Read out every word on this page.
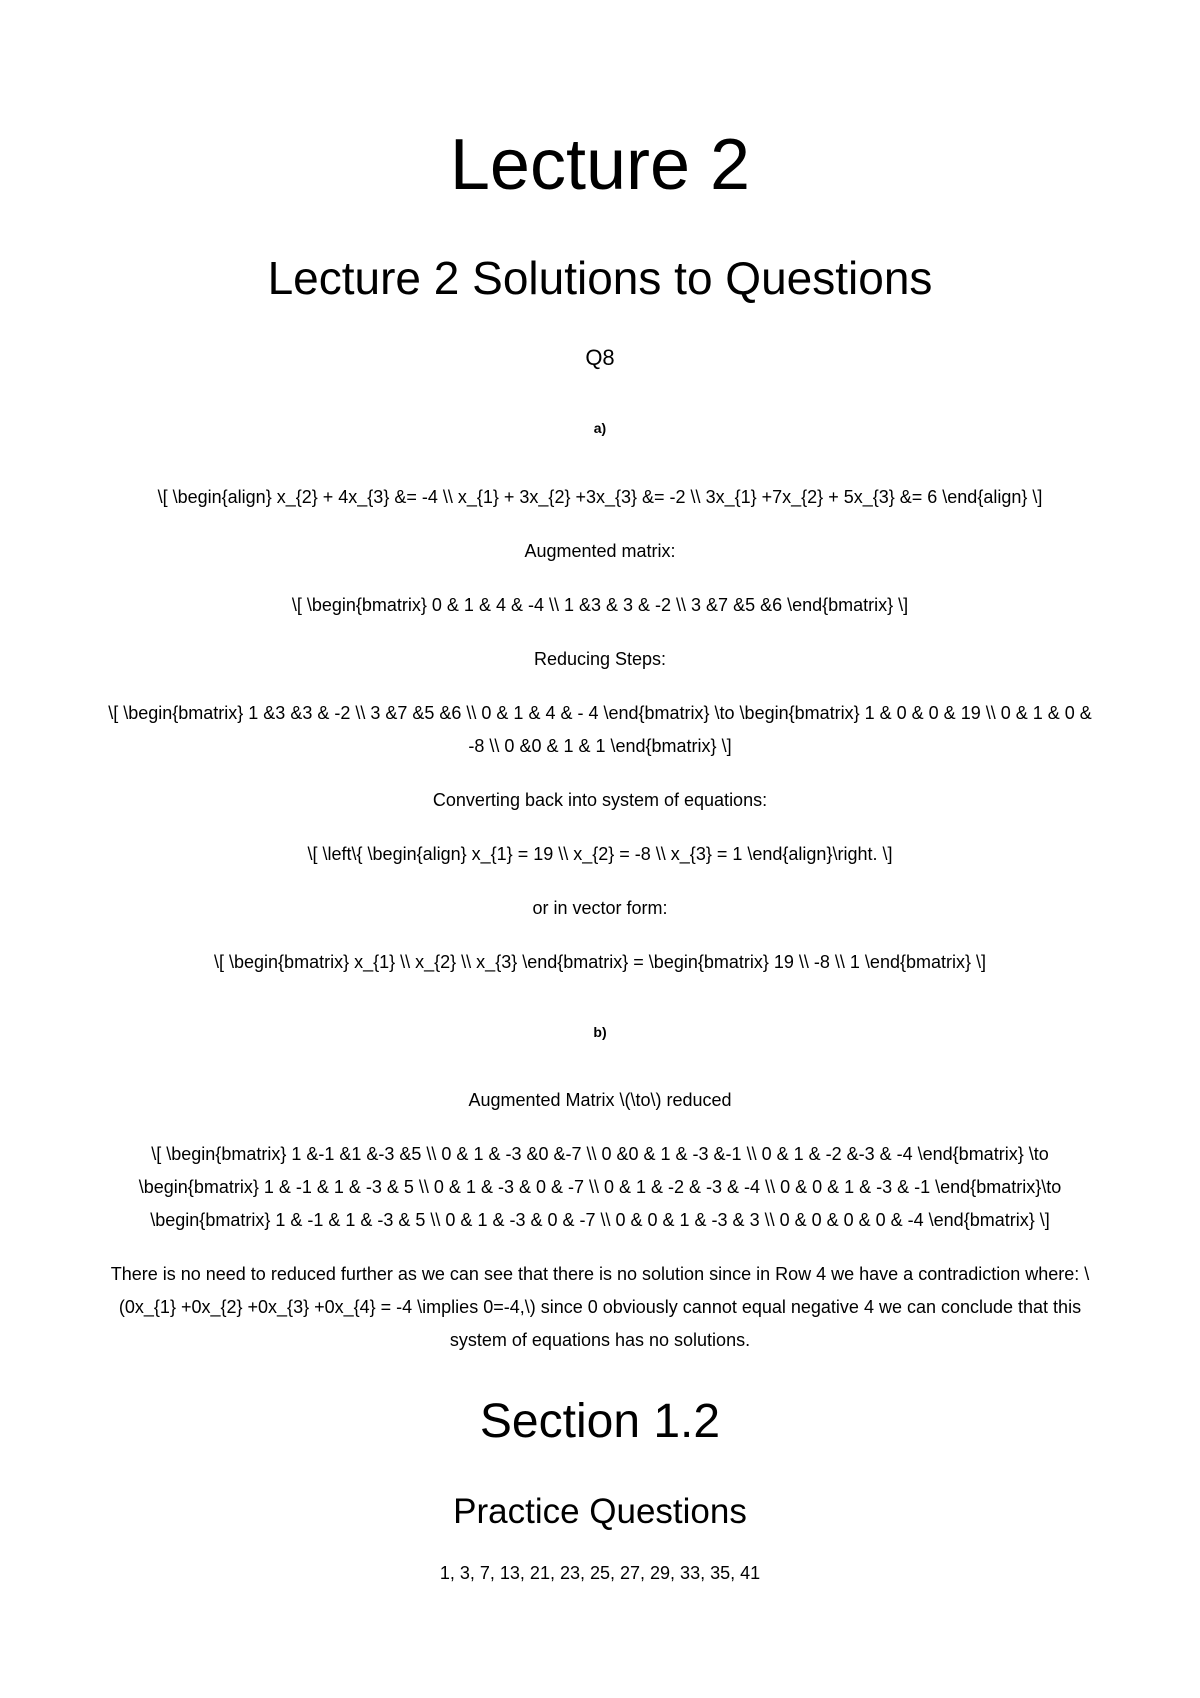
Lecture 2
Lecture 2 Solutions to Questions
Q8
a)

\[ \begin{align} x_{2} + 4x_{3} &= -4 \\ x_{1} + 3x_{2} +3x_{3} &= -2 \\ 3x_{1} +7x_{2} + 5x_{3} &= 6 \end{align} \]

Augmented matrix:

\[ \begin{bmatrix} 0 & 1 & 4 & -4 \\ 1 &3 & 3 & -2 \\ 3 &7 &5 &6 \end{bmatrix} \]

Reducing Steps:

\[ \begin{bmatrix} 1 &3 &3 & -2 \\ 3 &7 &5 &6 \\ 0 & 1 & 4 & - 4 \end{bmatrix} \to \begin{bmatrix} 1 & 0 & 0 & 19 \\ 0 & 1 & 0 & -8 \\ 0 &0 & 1 & 1 \end{bmatrix} \]

Converting back into system of equations:

\[ \left\{ \begin{align} x_{1} = 19 \\ x_{2} = -8 \\ x_{3} = 1 \end{align}\right. \]

or in vector form:

\[ \begin{bmatrix} x_{1} \\ x_{2} \\ x_{3} \end{bmatrix} = \begin{bmatrix} 19 \\ -8 \\ 1 \end{bmatrix} \]

b)

Augmented Matrix \(\to\) reduced

\[ \begin{bmatrix} 1 &-1 &1 &-3 &5 \\ 0 & 1 & -3 &0 &-7 \\ 0 &0 & 1 & -3 &-1 \\ 0 & 1 & -2 &-3 & -4 \end{bmatrix} \to \begin{bmatrix} 1 & -1 & 1 & -3 & 5 \\ 0 & 1 & -3 & 0 & -7 \\ 0 & 1 & -2 & -3 & -4 \\ 0 & 0 & 1 & -3 & -1 \end{bmatrix}\to \begin{bmatrix} 1 & -1 & 1 & -3 & 5 \\ 0 & 1 & -3 & 0 & -7 \\ 0 & 0 & 1 & -3 & 3 \\ 0 & 0 & 0 & 0 & -4 \end{bmatrix} \]

There is no need to reduced further as we can see that there is no solution since in Row 4 we have a contradiction where: \(0x_{1} +0x_{2} +0x_{3} +0x_{4} = -4 \implies 0=-4,\) since 0 obviously cannot equal negative 4 we can conclude that this system of equations has no solutions.

Section 1.2
Practice Questions

1, 3, 7, 13, 21, 23, 25, 27, 29, 33, 35, 41
